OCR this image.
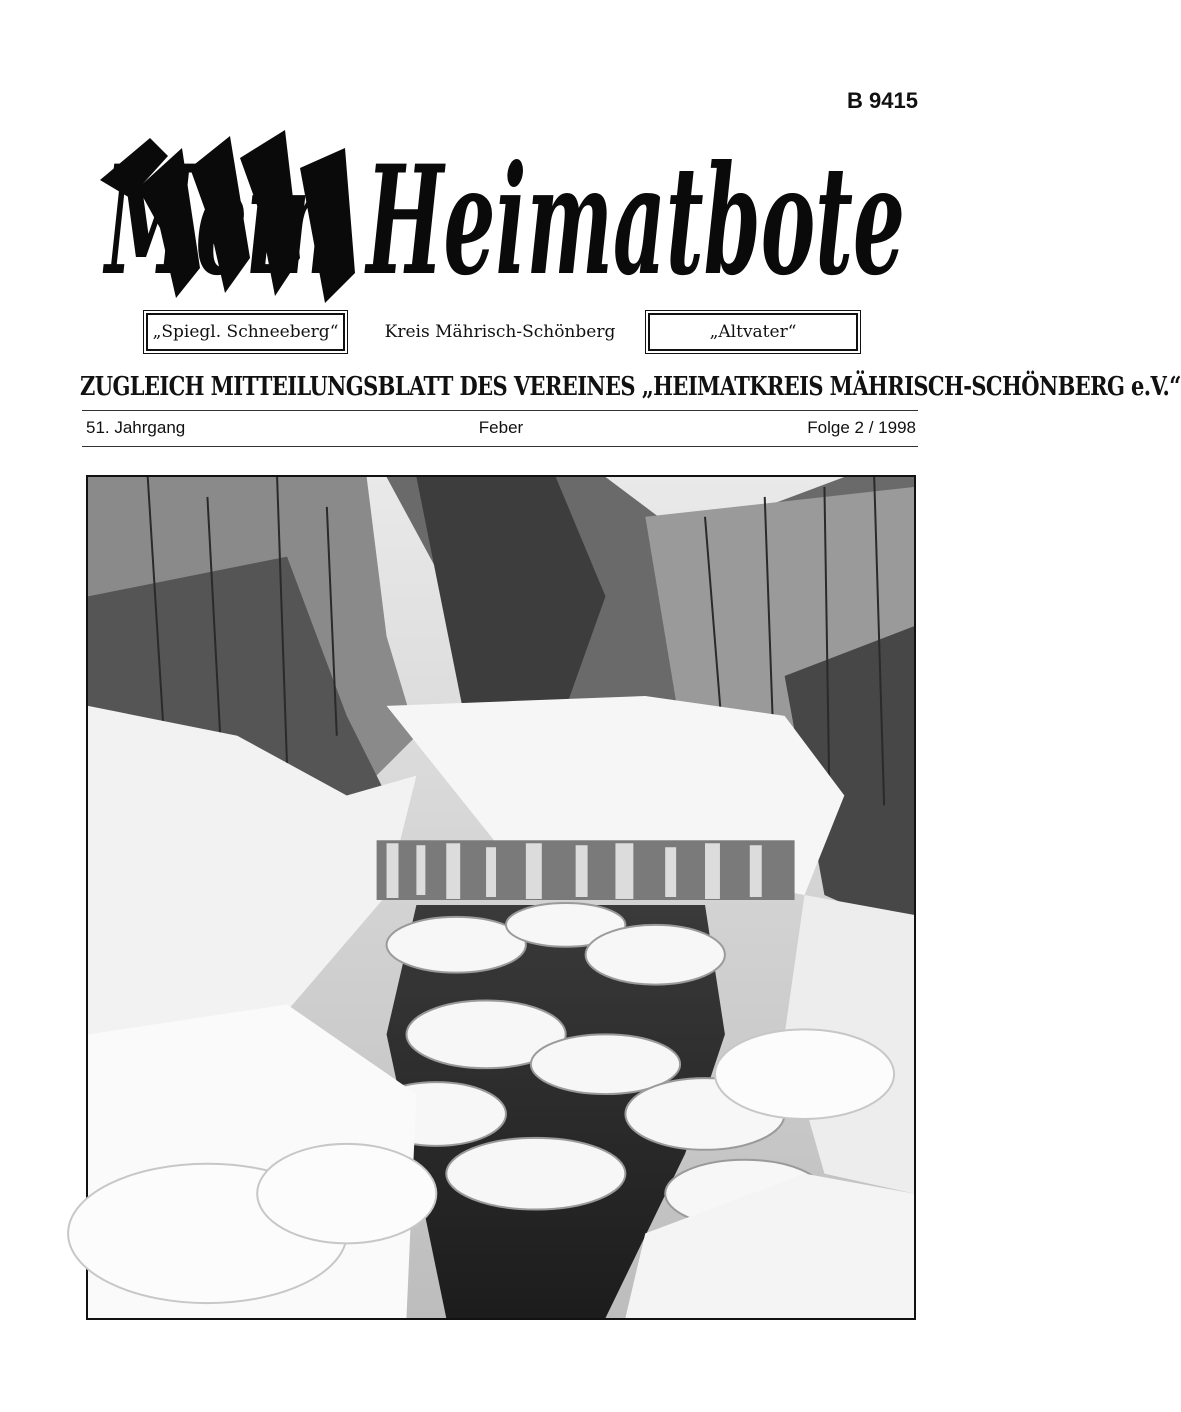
B 9415
Mein Heimatbote
„Spiegl. Schneeberg“	Kreis Mährisch-Schönberg	„Altvater“
ZUGLEICH MITTEILUNGSBLATT DES VEREINES „HEIMATKREIS MÄHRISCH-SCHÖNBERG e.V.“
51. Jahrgang	Feber	Folge 2 / 1998
